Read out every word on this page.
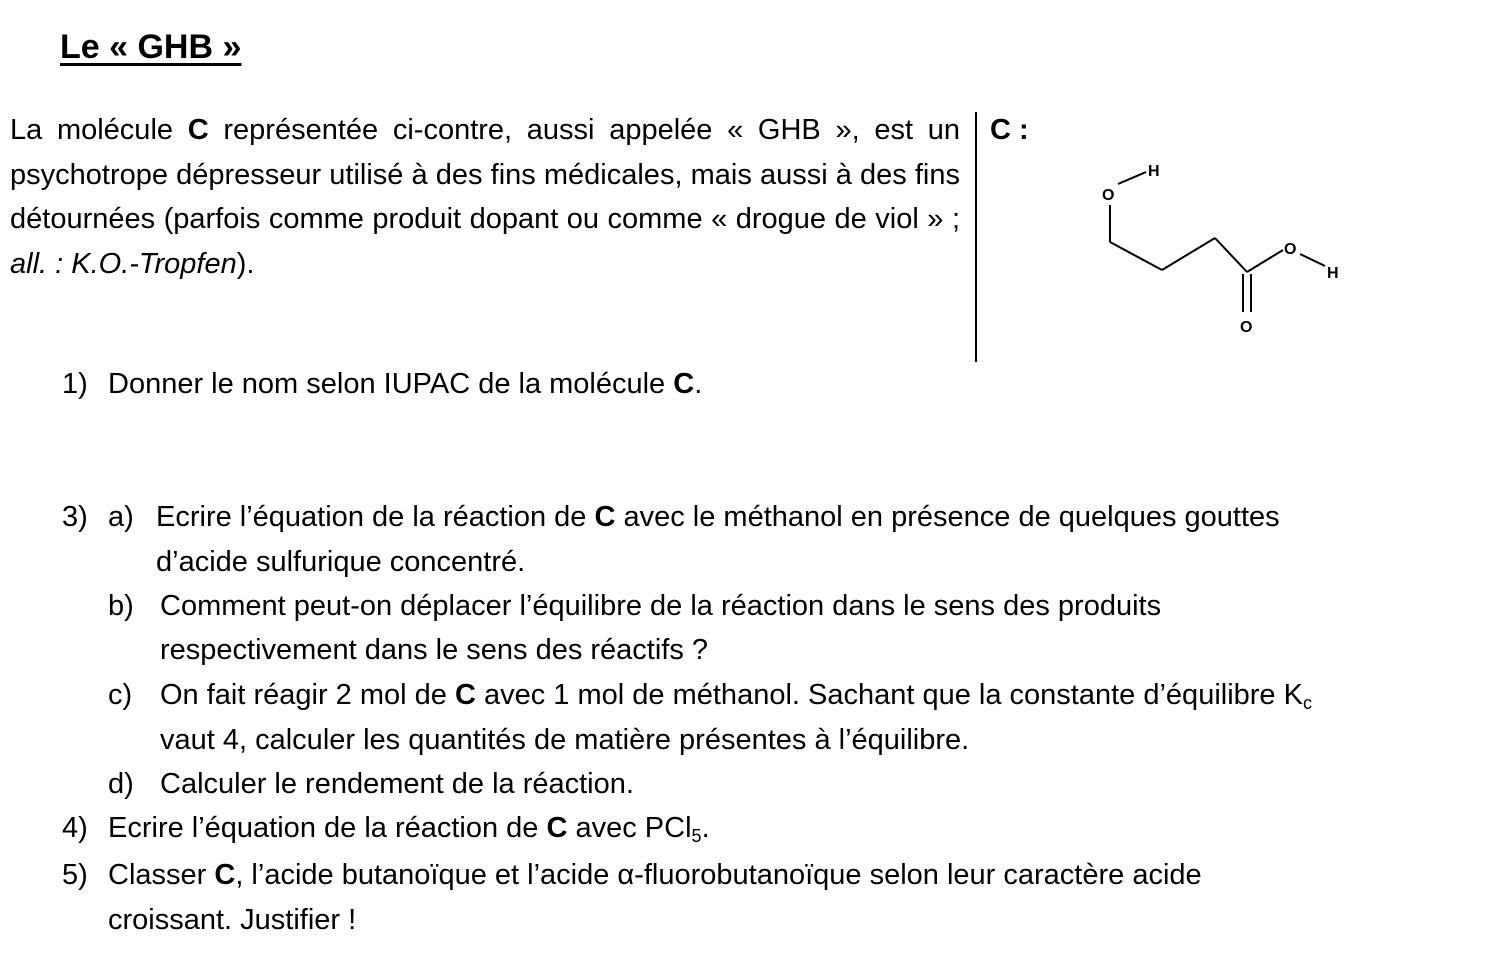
Le « GHB »

La molécule C représentée ci-contre, aussi appelée « GHB », est un psychotrope dépresseur utilisé à des fins médicales, mais aussi à des fins détournées (parfois comme produit dopant ou comme « drogue de viol » ; all. : K.O.-Tropfen).

C :
O
H
O
H
O
1) Donner le nom selon IUPAC de la molécule C.
3) a) Ecrire l’équation de la réaction de C avec le méthanol en présence de quelques gouttes
d’acide sulfurique concentré.
b) Comment peut-on déplacer l’équilibre de la réaction dans le sens des produits
respectivement dans le sens des réactifs ?
c) On fait réagir 2 mol de C avec 1 mol de méthanol. Sachant que la constante d’équilibre $K_c$
vaut 4, calculer les quantités de matière présentes à l’équilibre.
d) Calculer le rendement de la réaction.
4) Ecrire l’équation de la réaction de C avec PCl$_5$.
5) Classer C, l’acide butanoïque et l’acide α-fluorobutanoïque selon leur caractère acide
croissant. Justifier !
